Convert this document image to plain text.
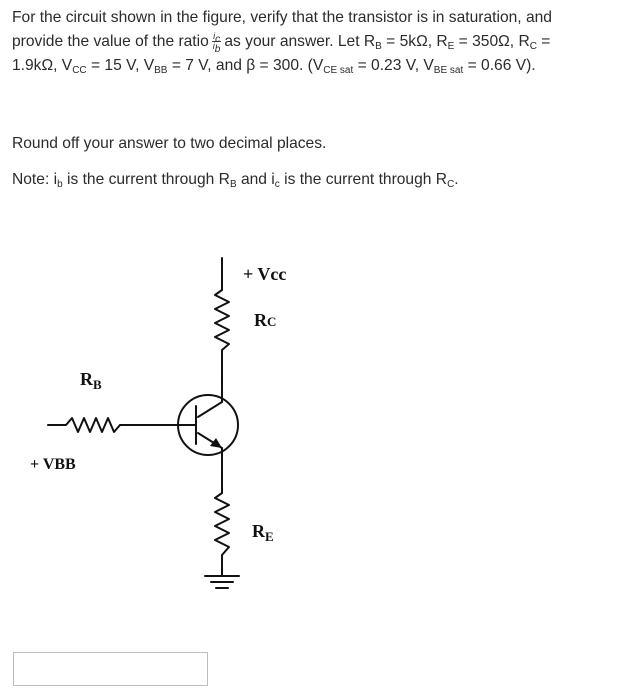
For the circuit shown in the figure, verify that the transistor is in saturation, and
provide the value of the ratio $\frac{i_c}{i_b}$ as your answer. Let $R_B = 5k\Omega$, $R_E = 350\Omega$, $R_C$ =
1.9kΩ, $V_{CC} = 15$ V, $V_{BB} = 7$ V, and β = 300. ($V_{CE sat} = 0.23$ V, $V_{BE sat} = 0.66$ V).
Round off your answer to two decimal places.
Note: $i_b$ is the current through $R_B$ and $i_c$ is the current through $R_C$.
+ Vcc
RC
$R_B$
+ VBB
$R_E$
